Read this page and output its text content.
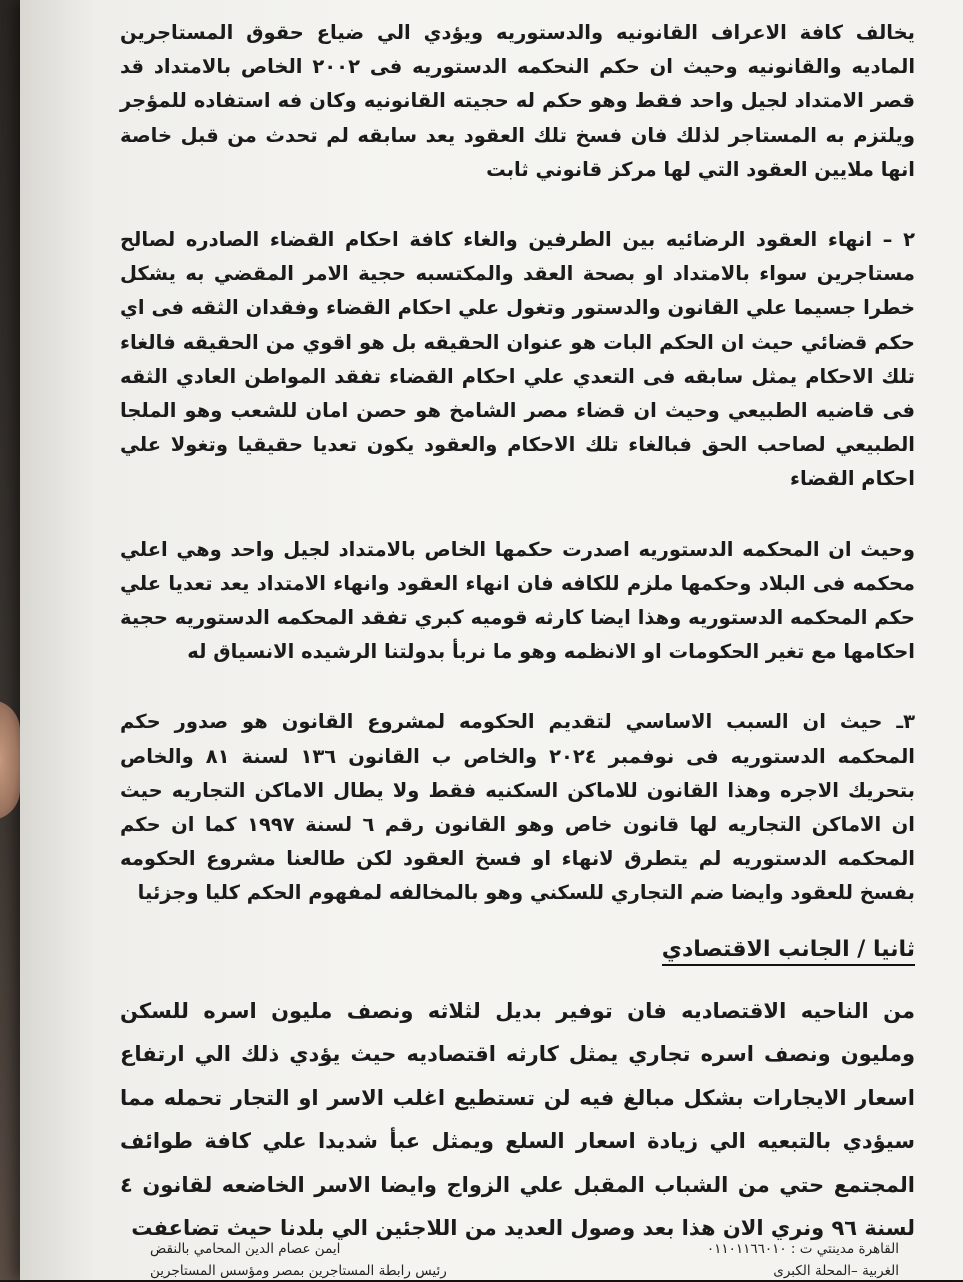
يخالف كافة الاعراف القانونيه والدستوريه ويؤدي الي ضياع حقوق المستاجرين الماديه والقانونيه وحيث ان حكم النحكمه الدستوريه فى ٢٠٠٢ الخاص بالامتداد قد قصر الامتداد لجيل واحد فقط وهو حكم له حجيته القانونيه وكان فه استفاده للمؤجر ويلتزم به المستاجر لذلك فان فسخ تلك العقود يعد سابقه لم تحدث من قبل خاصة انها ملايين العقود التي لها مركز قانوني ثابت

٢ – انهاء العقود الرضائيه بين الطرفين والغاء كافة احكام القضاء الصادره لصالح مستاجرين سواء بالامتداد او بصحة العقد والمكتسبه حجية الامر المقضي به يشكل خطرا جسيما علي القانون والدستور وتغول علي احكام القضاء وفقدان الثقه فى اي حكم قضائي حيث ان الحكم البات هو عنوان الحقيقه بل هو اقوي من الحقيقه فالغاء تلك الاحكام يمثل سابقه فى التعدي علي احكام القضاء تفقد المواطن العادي الثقه فى قاضيه الطبيعي وحيث ان قضاء مصر الشامخ هو حصن امان للشعب وهو الملجا الطبيعي لصاحب الحق فبالغاء تلك الاحكام والعقود يكون تعديا حقيقيا وتغولا علي احكام القضاء

وحيث ان المحكمه الدستوريه اصدرت حكمها الخاص بالامتداد لجيل واحد وهي اعلي محكمه فى البلاد وحكمها ملزم للكافه فان انهاء العقود وانهاء الامتداد يعد تعديا علي حكم المحكمه الدستوريه وهذا ايضا كارثه قوميه كبري تفقد المحكمه الدستوريه حجية احكامها مع تغير الحكومات او الانظمه وهو ما نربأ بدولتنا الرشيده الانسياق له

٣ـ حيث ان السبب الاساسي لتقديم الحكومه لمشروع القانون هو صدور حكم المحكمه الدستوريه فى نوفمبر ٢٠٢٤ والخاص ب القانون ١٣٦ لسنة ٨١ والخاص بتحريك الاجره وهذا القانون للاماكن السكنيه فقط ولا يطال الاماكن التجاريه حيث ان الاماكن التجاريه لها قانون خاص وهو القانون رقم ٦ لسنة ١٩٩٧ كما ان حكم المحكمه الدستوريه لم يتطرق لانهاء او فسخ العقود لكن طالعنا مشروع الحكومه بفسخ للعقود وايضا ضم التجاري للسكني وهو بالمخالفه لمفهوم الحكم كليا وجزئيا

ثانيا / الجانب الاقتصادي

من الناحيه الاقتصاديه فان توفير بديل لثلاثه ونصف مليون اسره للسكن ومليون ونصف اسره تجاري يمثل كارثه اقتصاديه حيث يؤدي ذلك الي ارتفاع اسعار الايجارات بشكل مبالغ فيه لن تستطيع اغلب الاسر او التجار تحمله مما سيؤدي بالتبعيه الي زيادة اسعار السلع ويمثل عبأ شديدا علي كافة طوائف المجتمع حتي من الشباب المقبل علي الزواج وايضا الاسر الخاضعه لقانون ٤ لسنة ٩٦ ونري الان هذا بعد وصول العديد من اللاجئين الي بلدنا حيث تضاعفت

القاهرة مدينتي ت : ٠١١٠١١٦٦٠١٠
ايمن عصام الدين المحامي بالنقض
الغربية –المحلة الكبرى
رئيس رابطة المستاجرين بمصر ومؤسس المستاجرين
